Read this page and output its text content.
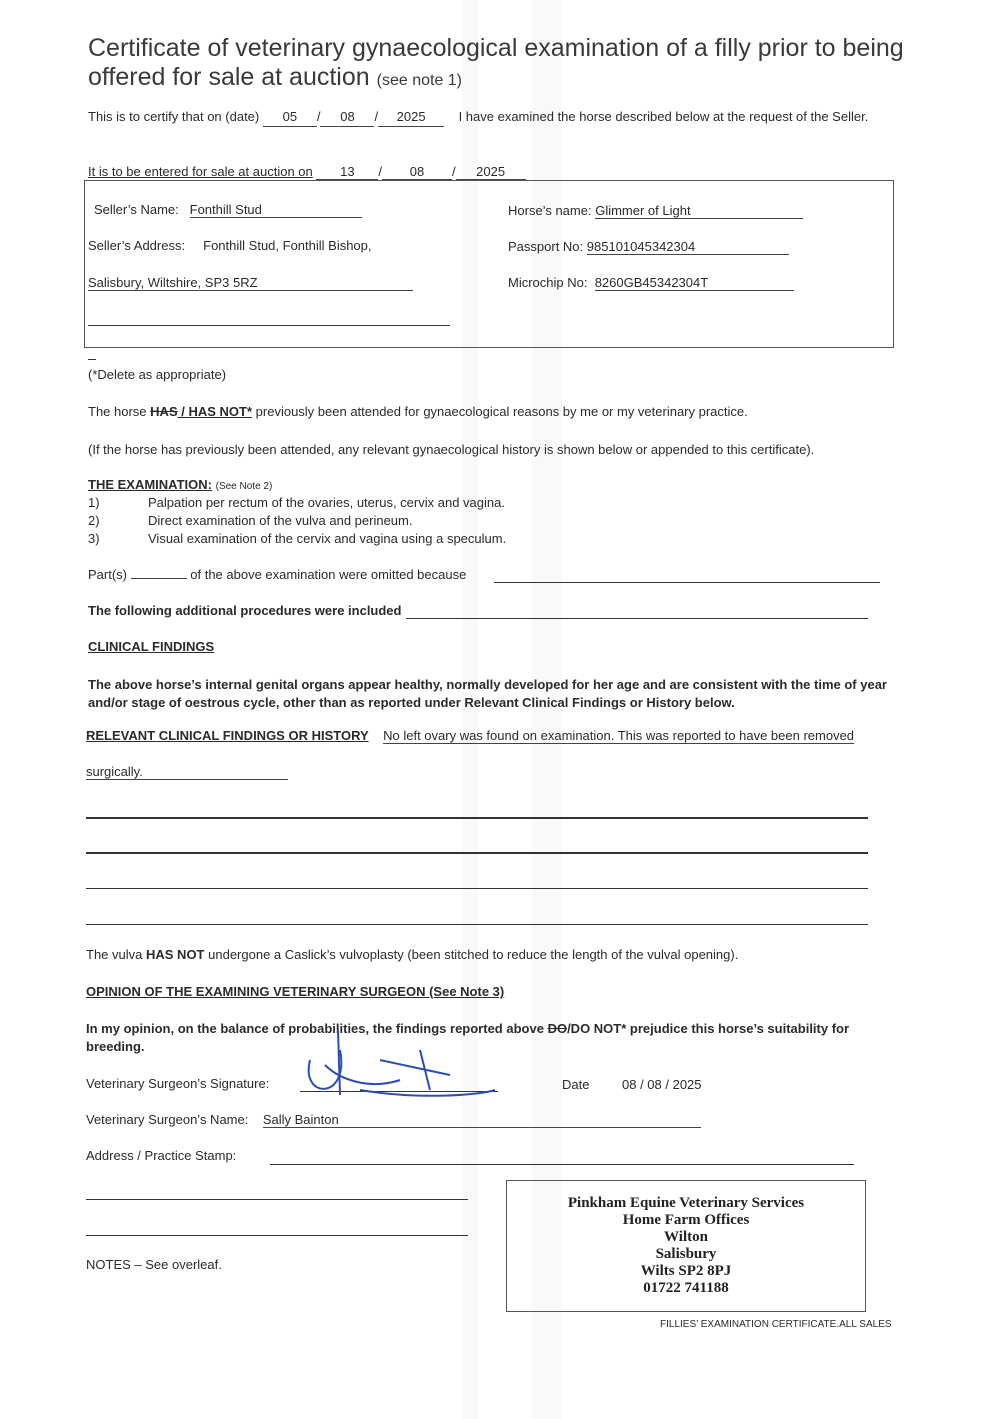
Certificate of veterinary gynaecological examination of a filly prior to being offered for sale at auction (see note 1)
This is to certify that on (date) 05 / 08 / 2025	I have examined the horse described below at the request of the Seller.
It is to be entered for sale at auction on 13 / 08 / 2025
Seller’s Name: Fonthill Stud
Seller’s Address: Fonthill Stud, Fonthill Bishop,
Salisbury, Wiltshire, SP3 5RZ
Horse’s name: Glimmer of Light
Passport No: 985101045342304
Microchip No: 8260GB45342304T
(*Delete as appropriate)
The horse HAS / HAS NOT* previously been attended for gynaecological reasons by me or my veterinary practice.
(If the horse has previously been attended, any relevant gynaecological history is shown below or appended to this certificate).
THE EXAMINATION: (See Note 2)
1)	Palpation per rectum of the ovaries, uterus, cervix and vagina.
2)	Direct examination of the vulva and perineum.
3)	Visual examination of the cervix and vagina using a speculum.
Part(s)	of the above examination were omitted because
The following additional procedures were included
CLINICAL FINDINGS
The above horse’s internal genital organs appear healthy, normally developed for her age and are consistent with the time of year and/or stage of oestrous cycle, other than as reported under Relevant Clinical Findings or History below.
RELEVANT CLINICAL FINDINGS OR HISTORY No left ovary was found on examination. This was reported to have been removed
surgically.
The vulva HAS NOT undergone a Caslick’s vulvoplasty (been stitched to reduce the length of the vulval opening).
OPINION OF THE EXAMINING VETERINARY SURGEON (See Note 3)
In my opinion, on the balance of probabilities, the findings reported above DO/DO NOT* prejudice this horse’s suitability for breeding.
Veterinary Surgeon’s Signature:	Date	08 / 08 / 2025
Veterinary Surgeon’s Name: Sally Bainton
Address / Practice Stamp:
NOTES – See overleaf.
Pinkham Equine Veterinary Services
Home Farm Offices
Wilton
Salisbury
Wilts SP2 8PJ
01722 741188
FILLIES’ EXAMINATION CERTIFICATE.ALL SALES
